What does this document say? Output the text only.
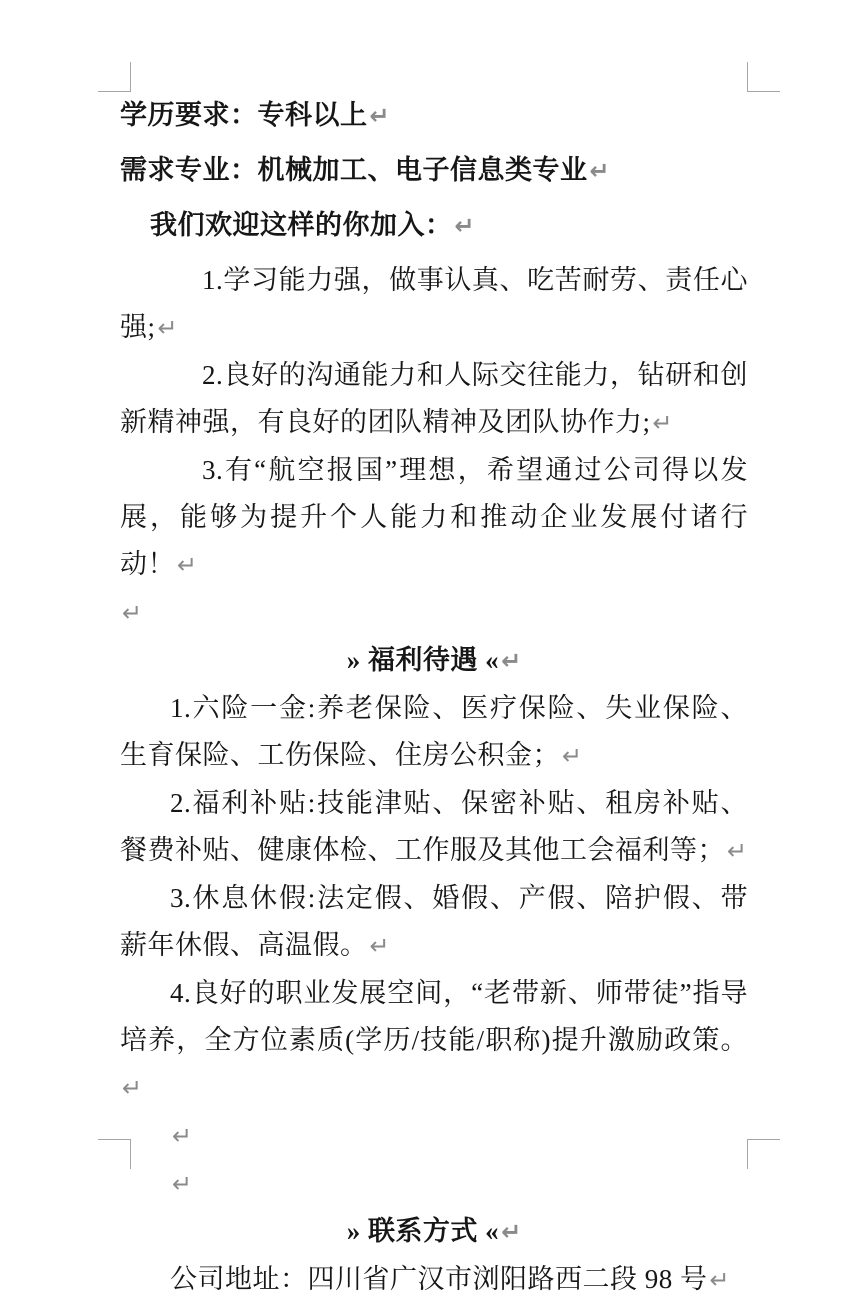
学历要求：专科以上↵

需求专业：机械加工、电子信息类专业↵

我们欢迎这样的你加入：↵

1.学习能力强，做事认真、吃苦耐劳、责任心强;↵

2.良好的沟通能力和人际交往能力，钻研和创新精神强，有良好的团队精神及团队协作力;↵

3.有“航空报国”理想，希望通过公司得以发展，能够为提升个人能力和推动企业发展付诸行动！↵

↵

» 福利待遇 «↵

1.六险一金:养老保险、医疗保险、失业保险、生育保险、工伤保险、住房公积金；↵

2.福利补贴:技能津贴、保密补贴、租房补贴、餐费补贴、健康体检、工作服及其他工会福利等；↵

3.休息休假:法定假、婚假、产假、陪护假、带薪年休假、高温假。↵

4.良好的职业发展空间，“老带新、师带徒”指导培养，全方位素质(学历/技能/职称)提升激励政策。↵

↵

↵

» 联系方式 «↵

公司地址：四川省广汉市浏阳路西二段 98 号↵
